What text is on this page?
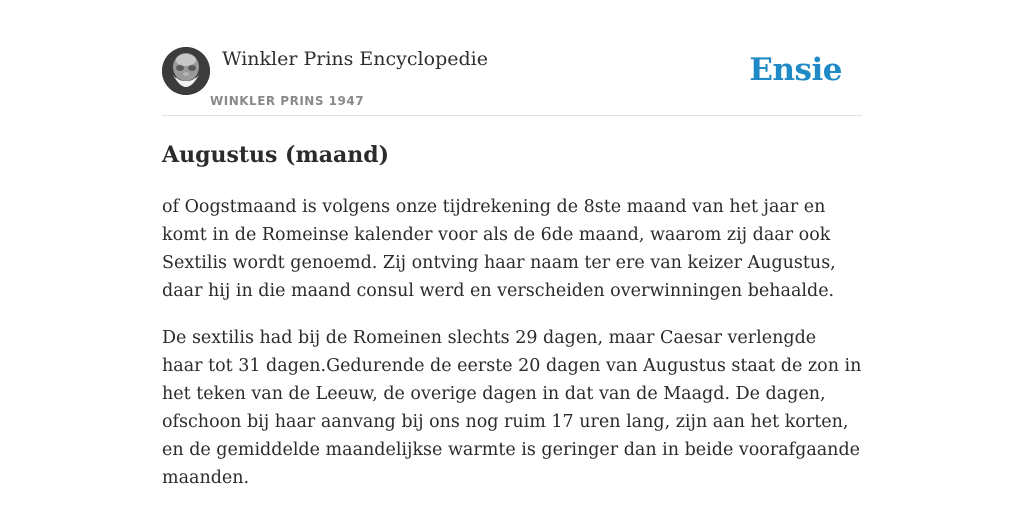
Winkler Prins Encyclopedie
WINKLER PRINS 1947
Ensie
Augustus (maand)

of Oogstmaand is volgens onze tijdrekening de 8ste maand van het jaar en komt in de Romeinse kalender voor als de 6de maand, waarom zij daar ook Sextilis wordt genoemd. Zij ontving haar naam ter ere van keizer Augustus, daar hij in die maand consul werd en verscheiden overwinningen behaalde.

De sextilis had bij de Romeinen slechts 29 dagen, maar Caesar verlengde haar tot 31 dagen.Gedurende de eerste 20 dagen van Augustus staat de zon in het teken van de Leeuw, de overige dagen in dat van de Maagd. De dagen, ofschoon bij haar aanvang bij ons nog ruim 17 uren lang, zijn aan het korten, en de gemiddelde maandelijkse warmte is geringer dan in beide voorafgaande maanden.
